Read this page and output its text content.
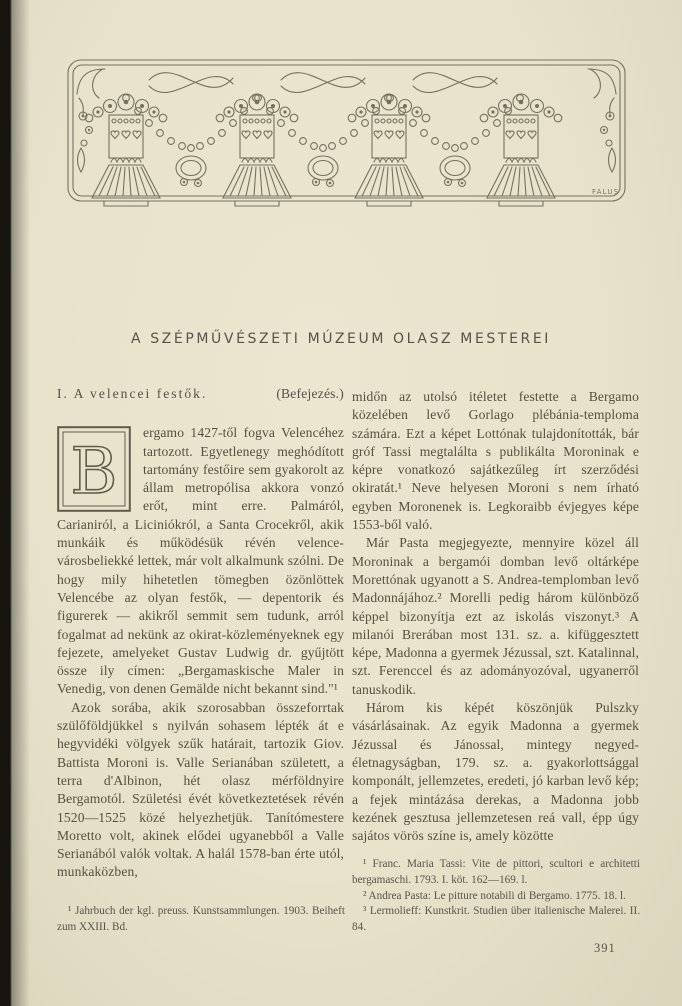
FALUS
A SZÉPMŰVÉSZETI MÚZEUM OLASZ MESTEREI
I. A velencei festők.	(Befejezés.)

B
ergamo 1427-től fogva Velencéhez tartozott. Egyetlenegy meghódított tartomány festőire sem gyakorolt az állam metropólisa akkora vonzó erőt, mint erre. Palmáról, Carianiról, a Liciniókról, a Santa Crocekről, akik munkáik és működésük révén velence-városbeliekké lettek, már volt alkalmunk szólni. De hogy mily hihetetlen tömegben özönlöttek Velencébe az olyan festők, — depentorik és figurerek — akikről semmit sem tudunk, arról fogalmat ad nekünk az okirat-közleményeknek egy fejezete, amelyeket Gustav Ludwig dr. gyűjtött össze ily címen: „Bergamaskische Maler in Venedig, von denen Gemälde nicht bekannt sind."¹

Azok sorába, akik szorosabban összeforrtak szülőföldjükkel s nyilván sohasem lépték át e hegyvidéki völgyek szűk határait, tartozik Giov. Battista Moroni is. Valle Serianában született, a terra d'Albinon, hét olasz mérföldnyire Bergamotól. Születési évét következtetések révén 1520—1525 közé helyezhetjük. Tanítómestere Moretto volt, akinek elődei ugyanebből a Valle Serianából valók voltak. A halál 1578-ban érte utól, munkaközben,

midőn az utolsó itéletet festette a Bergamo közelében levő Gorlago plébánia-temploma számára. Ezt a képet Lottónak tulajdonították, bár gróf Tassi megtalálta s publikálta Moroninak e képre vonatkozó sajátkezűleg írt szerződési okiratát.¹ Neve helyesen Moroni s nem írható egyben Moronenek is. Legkoraibb évjegyes képe 1553-ből való.

Már Pasta megjegyezte, mennyire közel áll Moroninak a bergamói domban levő oltárképe Morettónak ugyanott a S. Andrea-templomban levő Madonnájához.² Morelli pedig három különböző képpel bizonyítja ezt az iskolás viszonyt.³ A milanói Brerában most 131. sz. a. kifüggesztett képe, Madonna a gyermek Jézussal, szt. Katalinnal, szt. Ferenccel és az adományozóval, ugyanerről tanuskodik.

Három kis képét köszönjük Pulszky vásárlásainak. Az egyik Madonna a gyermek Jézussal és Jánossal, mintegy negyed-életnagyságban, 179. sz. a. gyakorlottsággal komponált, jellemzetes, eredeti, jó karban levő kép; a fejek mintázása derekas, a Madonna jobb kezének gesztusa jellemzetesen reá vall, épp úgy sajátos vörös színe is, amely közötte

¹ Jahrbuch der kgl. preuss. Kunstsammlungen. 1903. Beiheft zum XXIII. Bd.

¹ Franc. Maria Tassi: Vite de pittori, scultori e architetti bergamaschi. 1793. I. köt. 162—169. l.

² Andrea Pasta: Le pitture notabili di Bergamo. 1775. 18. l.

³ Lermolieff: Kunstkrit. Studien über italienische Malerei. II. 84.

391
